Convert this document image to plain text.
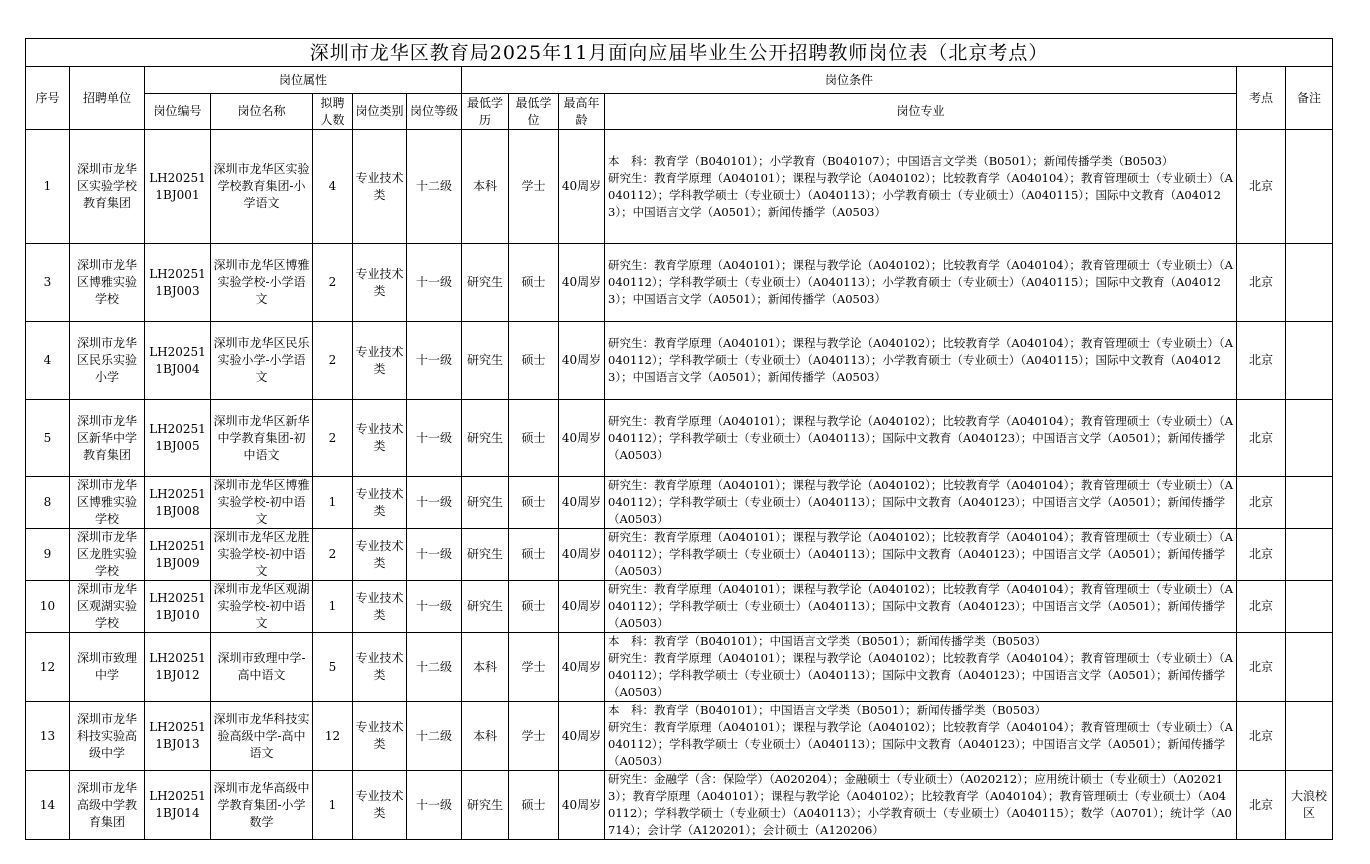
深圳市龙华区教育局2025年11月面向应届毕业生公开招聘教师岗位表（北京考点）												
序号	招聘单位	岗位属性					岗位条件				考点	备注
		岗位编号	岗位名称	拟聘人数	岗位类别	岗位等级	最低学历	最低学位	最高年龄	岗位专业		
1	深圳市龙华区实验学校教育集团	LH202511BJ001	深圳市龙华区实验学校教育集团-小学语文	4	专业技术类	十二级	本科	学士	40周岁	本　科：教育学（B040101）；小学教育（B040107）；中国语言文学类（B0501）；新闻传播学类（B0503）
研究生：教育学原理（A040101）；课程与教学论（A040102）；比较教育学（A040104）；教育管理硕士（专业硕士）（A040112）；学科教学硕士（专业硕士）（A040113）；小学教育硕士（专业硕士）（A040115）；国际中文教育（A040123）；中国语言文学（A0501）；新闻传播学（A0503）	北京	
3	深圳市龙华区博雅实验学校	LH202511BJ003	深圳市龙华区博雅实验学校-小学语文	2	专业技术类	十一级	研究生	硕士	40周岁	研究生：教育学原理（A040101）；课程与教学论（A040102）；比较教育学（A040104）；教育管理硕士（专业硕士）（A040112）；学科教学硕士（专业硕士）（A040113）；小学教育硕士（专业硕士）（A040115）；国际中文教育（A040123）；中国语言文学（A0501）；新闻传播学（A0503）	北京	
4	深圳市龙华区民乐实验小学	LH202511BJ004	深圳市龙华区民乐实验小学-小学语文	2	专业技术类	十一级	研究生	硕士	40周岁	研究生：教育学原理（A040101）；课程与教学论（A040102）；比较教育学（A040104）；教育管理硕士（专业硕士）（A040112）；学科教学硕士（专业硕士）（A040113）；小学教育硕士（专业硕士）（A040115）；国际中文教育（A040123）；中国语言文学（A0501）；新闻传播学（A0503）	北京	
5	深圳市龙华区新华中学教育集团	LH202511BJ005	深圳市龙华区新华中学教育集团-初中语文	2	专业技术类	十一级	研究生	硕士	40周岁	研究生：教育学原理（A040101）；课程与教学论（A040102）；比较教育学（A040104）；教育管理硕士（专业硕士）（A040112）；学科教学硕士（专业硕士）（A040113）；国际中文教育（A040123）；中国语言文学（A0501）；新闻传播学（A0503）	北京	
8	深圳市龙华区博雅实验学校	LH202511BJ008	深圳市龙华区博雅实验学校-初中语文	1	专业技术类	十一级	研究生	硕士	40周岁	研究生：教育学原理（A040101）；课程与教学论（A040102）；比较教育学（A040104）；教育管理硕士（专业硕士）（A040112）；学科教学硕士（专业硕士）（A040113）；国际中文教育（A040123）；中国语言文学（A0501）；新闻传播学（A0503）	北京	
9	深圳市龙华区龙胜实验学校	LH202511BJ009	深圳市龙华区龙胜实验学校-初中语文	2	专业技术类	十一级	研究生	硕士	40周岁	研究生：教育学原理（A040101）；课程与教学论（A040102）；比较教育学（A040104）；教育管理硕士（专业硕士）（A040112）；学科教学硕士（专业硕士）（A040113）；国际中文教育（A040123）；中国语言文学（A0501）；新闻传播学（A0503）	北京	
10	深圳市龙华区观湖实验学校	LH202511BJ010	深圳市龙华区观湖实验学校-初中语文	1	专业技术类	十一级	研究生	硕士	40周岁	研究生：教育学原理（A040101）；课程与教学论（A040102）；比较教育学（A040104）；教育管理硕士（专业硕士）（A040112）；学科教学硕士（专业硕士）（A040113）；国际中文教育（A040123）；中国语言文学（A0501）；新闻传播学（A0503）	北京	
12	深圳市致理中学	LH202511BJ012	深圳市致理中学-高中语文	5	专业技术类	十二级	本科	学士	40周岁	本　科：教育学（B040101）；中国语言文学类（B0501）；新闻传播学类（B0503）
研究生：教育学原理（A040101）；课程与教学论（A040102）；比较教育学（A040104）；教育管理硕士（专业硕士）（A040112）；学科教学硕士（专业硕士）（A040113）；国际中文教育（A040123）；中国语言文学（A0501）；新闻传播学（A0503）	北京	
13	深圳市龙华科技实验高级中学	LH202511BJ013	深圳市龙华科技实验高级中学-高中语文	12	专业技术类	十二级	本科	学士	40周岁	本　科：教育学（B040101）；中国语言文学类（B0501）；新闻传播学类（B0503）
研究生：教育学原理（A040101）；课程与教学论（A040102）；比较教育学（A040104）；教育管理硕士（专业硕士）（A040112）；学科教学硕士（专业硕士）（A040113）；国际中文教育（A040123）；中国语言文学（A0501）；新闻传播学（A0503）	北京	
14	深圳市龙华高级中学教育集团	LH202511BJ014	深圳市龙华高级中学教育集团-小学数学	1	专业技术类	十一级	研究生	硕士	40周岁	研究生：金融学（含：保险学）（A020204）；金融硕士（专业硕士）（A020212）；应用统计硕士（专业硕士）（A020213）；教育学原理（A040101）；课程与教学论（A040102）；比较教育学（A040104）；教育管理硕士（专业硕士）（A040112）；学科教学硕士（专业硕士）（A040113）；小学教育硕士（专业硕士）（A040115）；数学（A0701）；统计学（A0714）；会计学（A120201）；会计硕士（A120206）	北京	大浪校区
